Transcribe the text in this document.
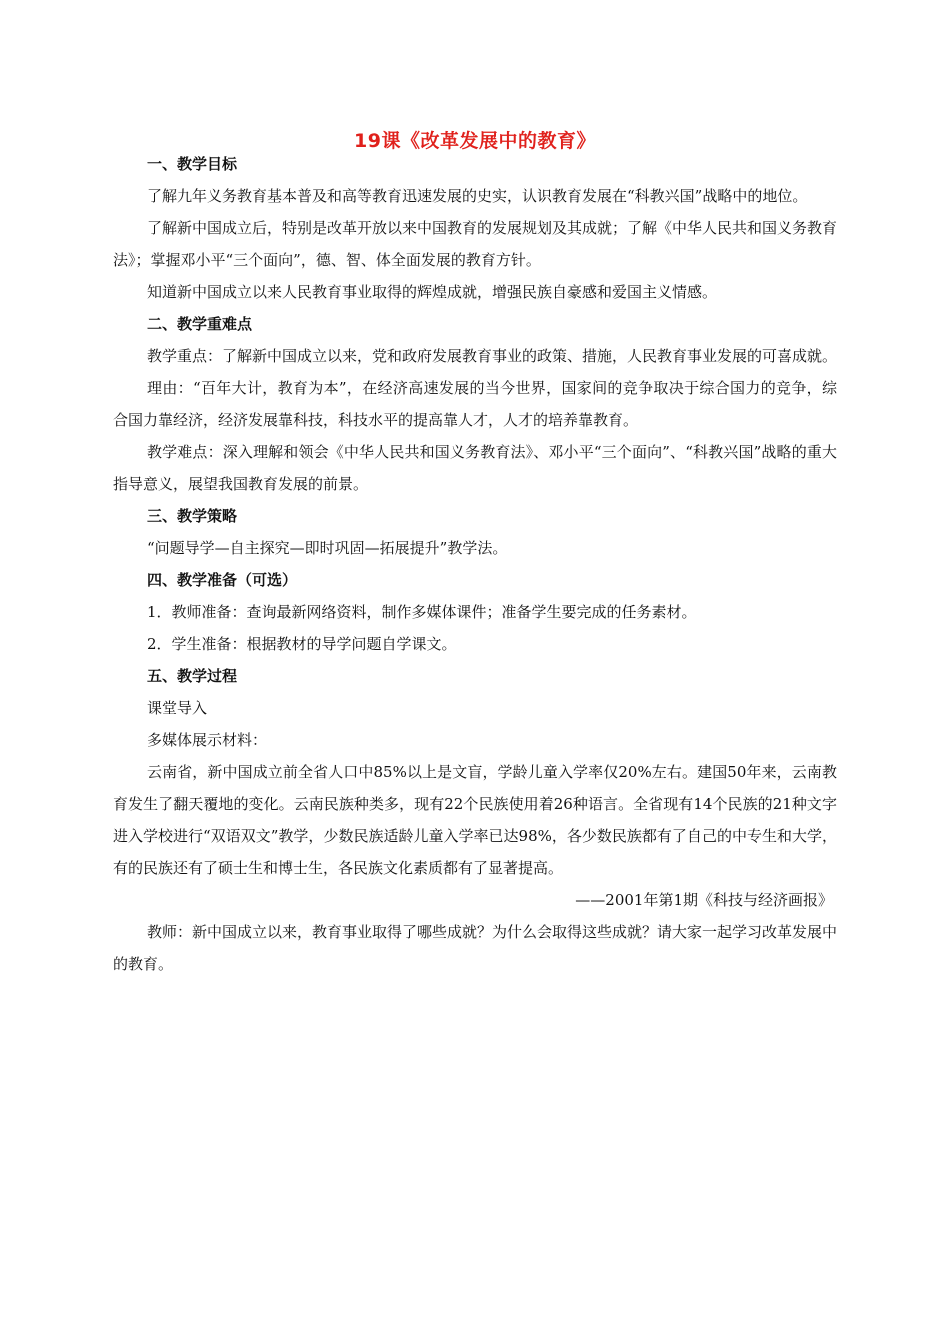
19课《改革发展中的教育》
一、教学目标

了解九年义务教育基本普及和高等教育迅速发展的史实，认识教育发展在“科教兴国”战略中的地位。

了解新中国成立后，特别是改革开放以来中国教育的发展规划及其成就；了解《中华人民共和国义务教育法》；掌握邓小平“三个面向”，德、智、体全面发展的教育方针。

知道新中国成立以来人民教育事业取得的辉煌成就，增强民族自豪感和爱国主义情感。

二、教学重难点

教学重点：了解新中国成立以来，党和政府发展教育事业的政策、措施，人民教育事业发展的可喜成就。

理由：“百年大计，教育为本”，在经济高速发展的当今世界，国家间的竞争取决于综合国力的竞争，综合国力靠经济，经济发展靠科技，科技水平的提高靠人才，人才的培养靠教育。

教学难点：深入理解和领会《中华人民共和国义务教育法》、邓小平“三个面向”、“科教兴国”战略的重大指导意义，展望我国教育发展的前景。

三、教学策略

“问题导学—自主探究—即时巩固—拓展提升”教学法。

四、教学准备（可选）
1．教师准备：查询最新网络资料，制作多媒体课件；准备学生要完成的任务素材。
2．学生准备：根据教材的导学问题自学课文。
五、教学过程
课堂导入
多媒体展示材料：

云南省，新中国成立前全省人口中85%以上是文盲，学龄儿童入学率仅20%左右。建国50年来，云南教育发生了翻天覆地的变化。云南民族种类多，现有22个民族使用着26种语言。全省现有14个民族的21种文字进入学校进行“双语双文”教学，少数民族适龄儿童入学率已达98%，各少数民族都有了自己的中专生和大学，有的民族还有了硕士生和博士生，各民族文化素质都有了显著提高。

——2001年第1期《科技与经济画报》

教师：新中国成立以来，教育事业取得了哪些成就？为什么会取得这些成就？请大家一起学习改革发展中的教育。
